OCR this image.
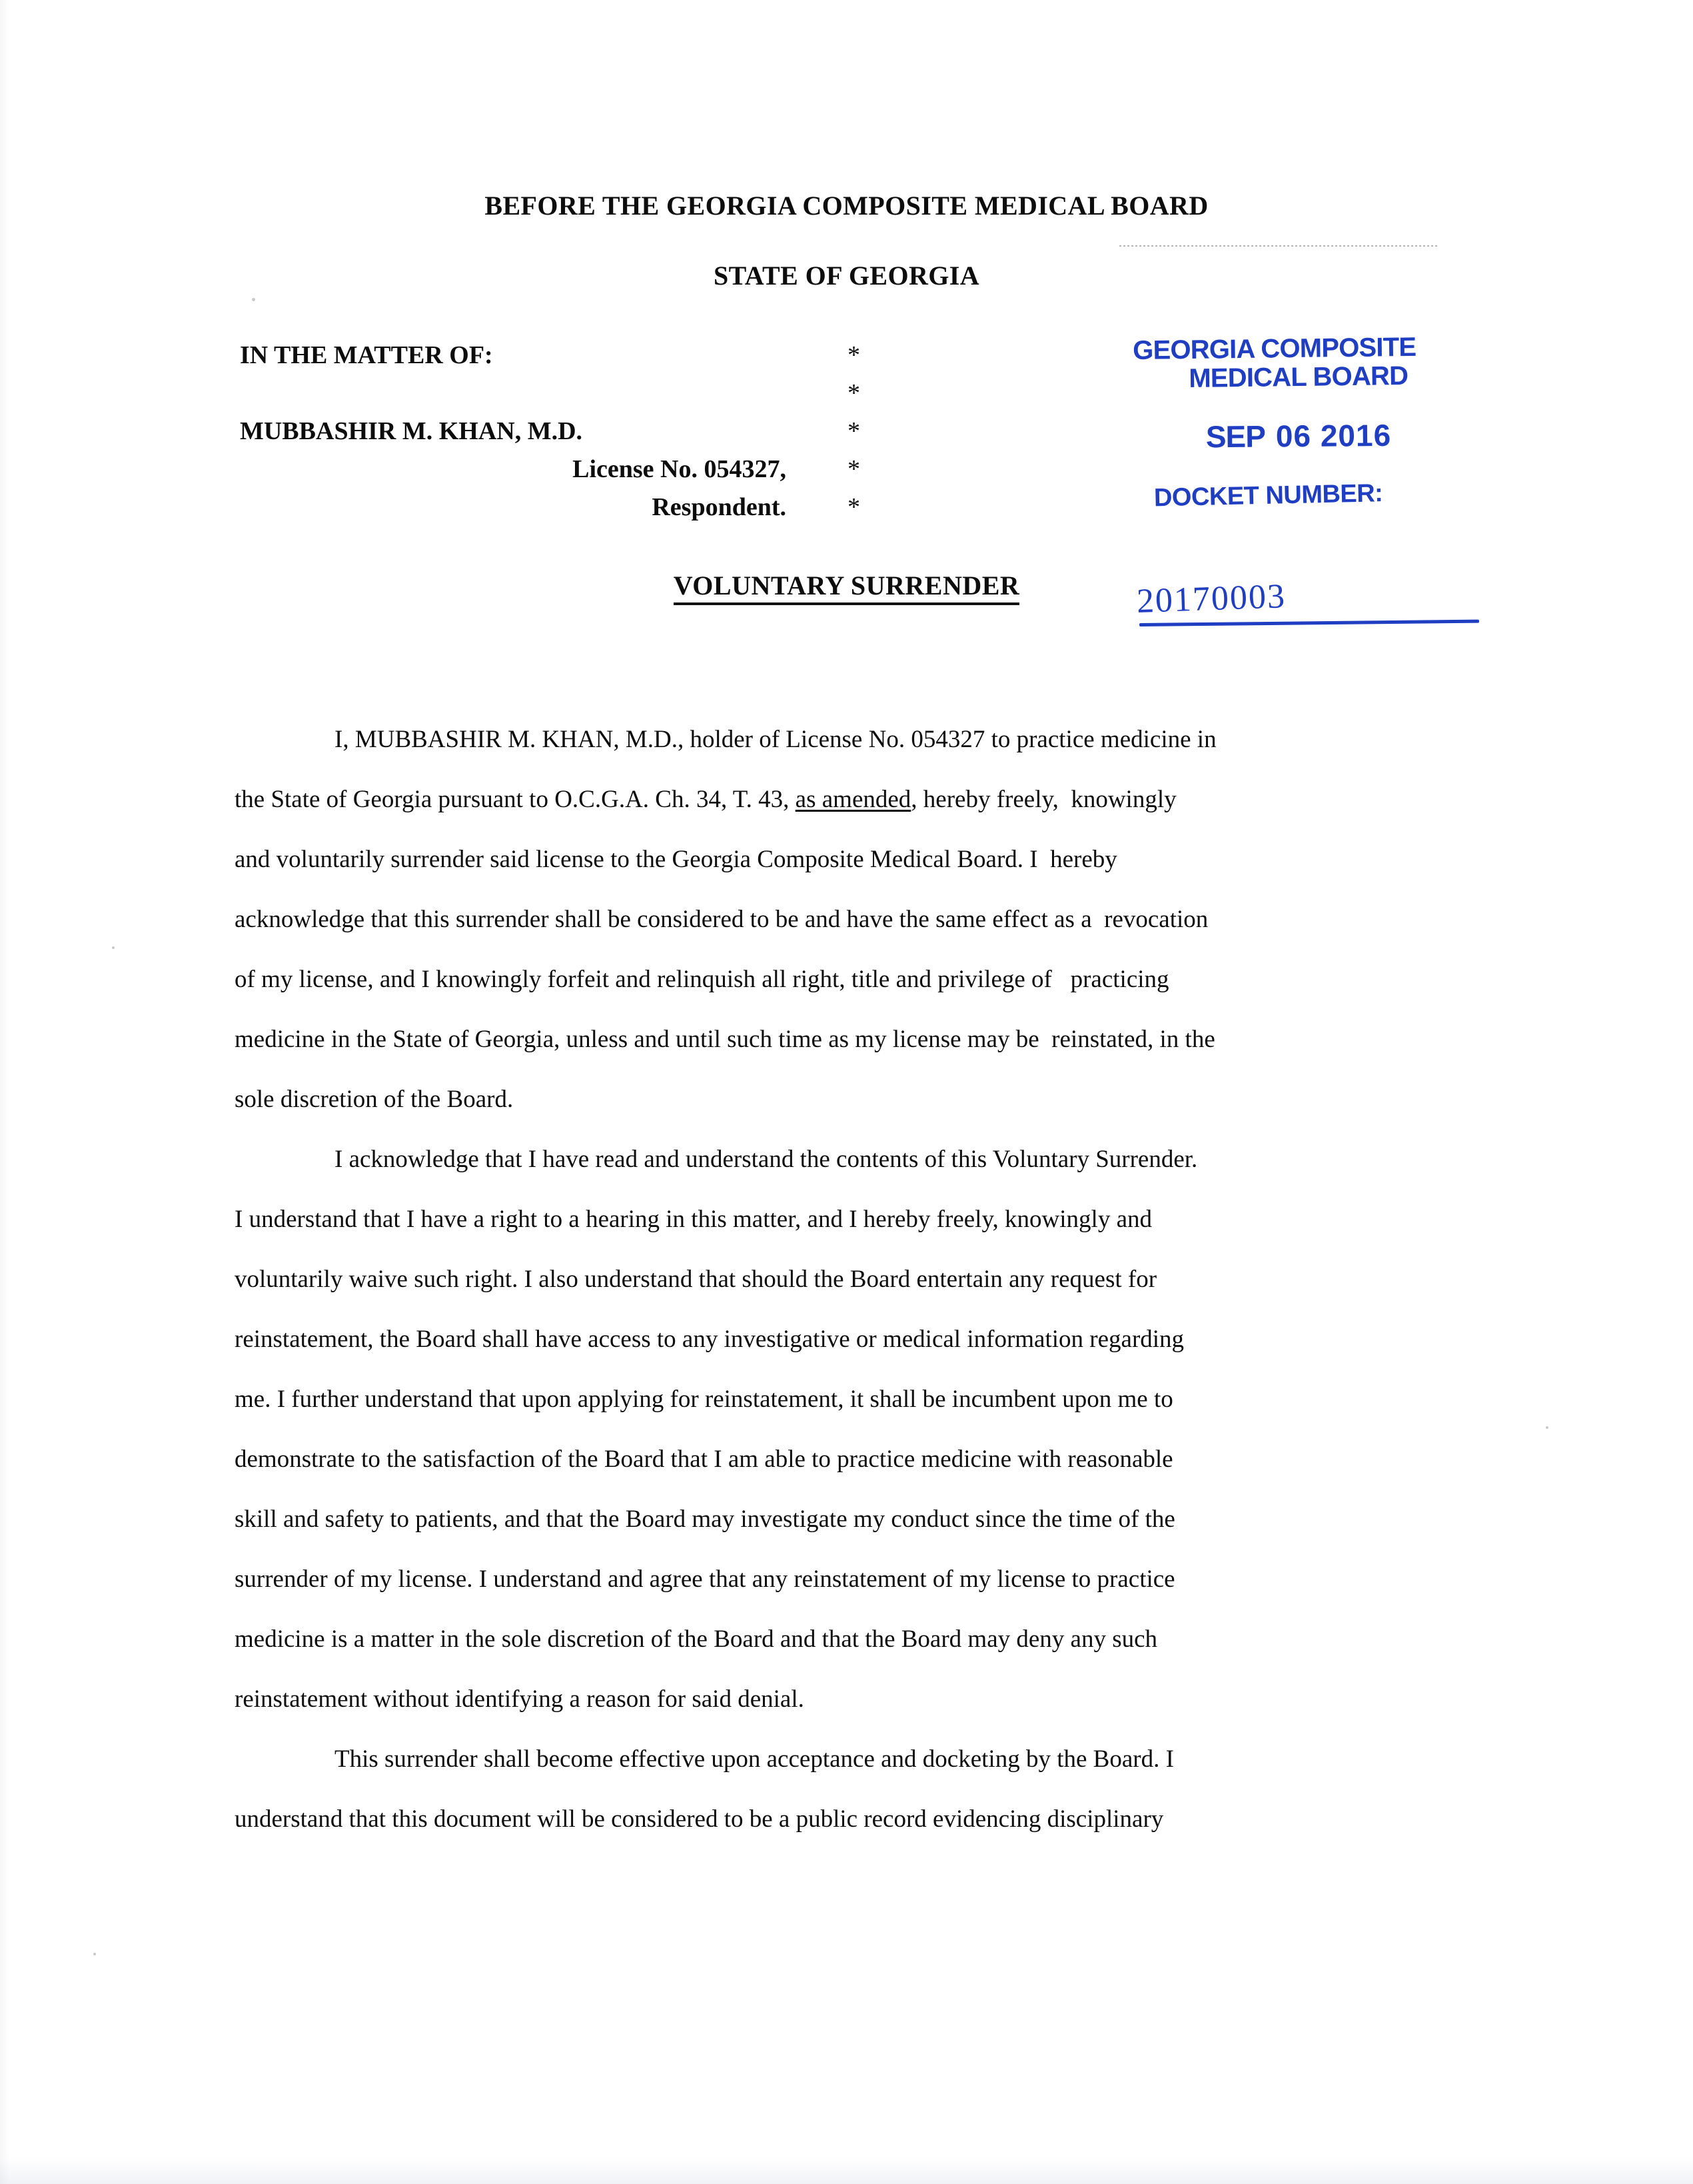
BEFORE THE GEORGIA COMPOSITE MEDICAL BOARD
STATE OF GEORGIA
IN THE MATTER OF:

MUBBASHIR M. KHAN, M.D.
License No. 054327,
Respondent.
*
*
*
*
*
GEORGIA COMPOSITE
MEDICAL BOARD
SEP 06 2016
DOCKET NUMBER:
20170003
VOLUNTARY SURRENDER

I, MUBBASHIR M. KHAN, M.D., holder of License No. 054327 to practice medicine in
the State of Georgia pursuant to O.C.G.A. Ch. 34, T. 43, as amended, hereby freely,  knowingly
and voluntarily surrender said license to the Georgia Composite Medical Board. I  hereby
acknowledge that this surrender shall be considered to be and have the same effect as a  revocation
of my license, and I knowingly forfeit and relinquish all right, title and privilege of   practicing
medicine in the State of Georgia, unless and until such time as my license may be  reinstated, in the
sole discretion of the Board.

I acknowledge that I have read and understand the contents of this Voluntary Surrender.
I understand that I have a right to a hearing in this matter, and I hereby freely, knowingly and
voluntarily waive such right. I also understand that should the Board entertain any request for
reinstatement, the Board shall have access to any investigative or medical information regarding
me. I further understand that upon applying for reinstatement, it shall be incumbent upon me to
demonstrate to the satisfaction of the Board that I am able to practice medicine with reasonable
skill and safety to patients, and that the Board may investigate my conduct since the time of the
surrender of my license. I understand and agree that any reinstatement of my license to practice
medicine is a matter in the sole discretion of the Board and that the Board may deny any such
reinstatement without identifying a reason for said denial.

This surrender shall become effective upon acceptance and docketing by the Board. I
understand that this document will be considered to be a public record evidencing disciplinary
